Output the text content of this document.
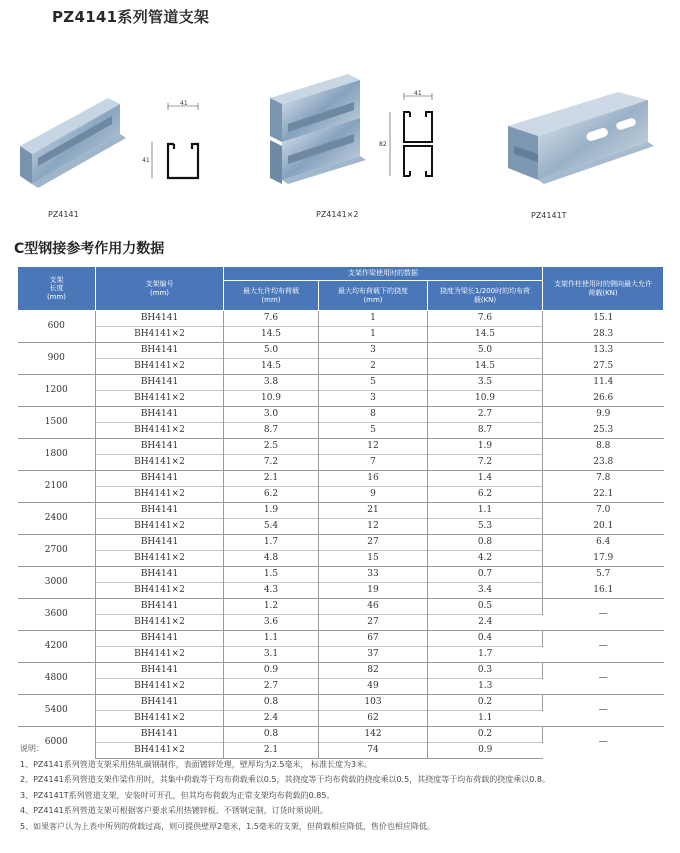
PZ4141系列管道支架
41
41
PZ4141
41
82
PZ4141×2	PZ4141T
C型钢接参考作用力数据
支架
长度
(mm)	支架编号
(mm)	支架作梁使用时的数据			支架作柱使用时的侧向最大允许
荷载(KN)
		最大允许均布荷载
(mm)	最大均布荷载下的挠度
(mm)	挠度为梁长1/200时的均布荷
载(KN)	
600	BH4141	7.6	1	7.6	15.1
	BH4141×2	14.5	1	14.5	28.3
900	BH4141	5.0	3	5.0	13.3
	BH4141×2	14.5	2	14.5	27.5
1200	BH4141	3.8	5	3.5	11.4
	BH4141×2	10.9	3	10.9	26.6
1500	BH4141	3.0	8	2.7	9.9
	BH4141×2	8.7	5	8.7	25.3
1800	BH4141	2.5	12	1.9	8.8
	BH4141×2	7.2	7	7.2	23.8
2100	BH4141	2.1	16	1.4	7.8
	BH4141×2	6.2	9	6.2	22.1
2400	BH4141	1.9	21	1.1	7.0
	BH4141×2	5.4	12	5.3	20.1
2700	BH4141	1.7	27	0.8	6.4
	BH4141×2	4.8	15	4.2	17.9
3000	BH4141	1.5	33	0.7	5.7
	BH4141×2	4.3	19	3.4	16.1
3600	BH4141	1.2	46	0.5	—
	BH4141×2	3.6	27	2.4	
4200	BH4141	1.1	67	0.4	—
	BH4141×2	3.1	37	1.7	
4800	BH4141	0.9	82	0.3	—
	BH4141×2	2.7	49	1.3	
5400	BH4141	0.8	103	0.2	—
	BH4141×2	2.4	62	1.1	
6000	BH4141	0.8	142	0.2	—
	BH4141×2	2.1	74	0.9	
说明：
1、PZ4141系列管道支架采用热轧碳钢制作，表面镀锌处理，壁厚均为2.5毫米， 标准长度为3米。
2、PZ4141系列管道支架作梁作用时，其集中荷载等于均布荷载乘以0.5，其挠度等于均布荷载的挠度乘以0.5，其挠度等于均布荷载的挠度乘以0.8。
3、PZ4141T系列管道支架，安装时可开孔，但其均布荷载为正常支架均布荷载的0.85。
4、PZ4141系列管道支架可根据客户要求采用热镀锌板、不锈钢定制，订货时须说明。
5、如果客户认为上表中所列的荷载过高，则可提供壁厚2毫米，1.5毫米的支架，但荷载相应降低，售价也相应降低。
